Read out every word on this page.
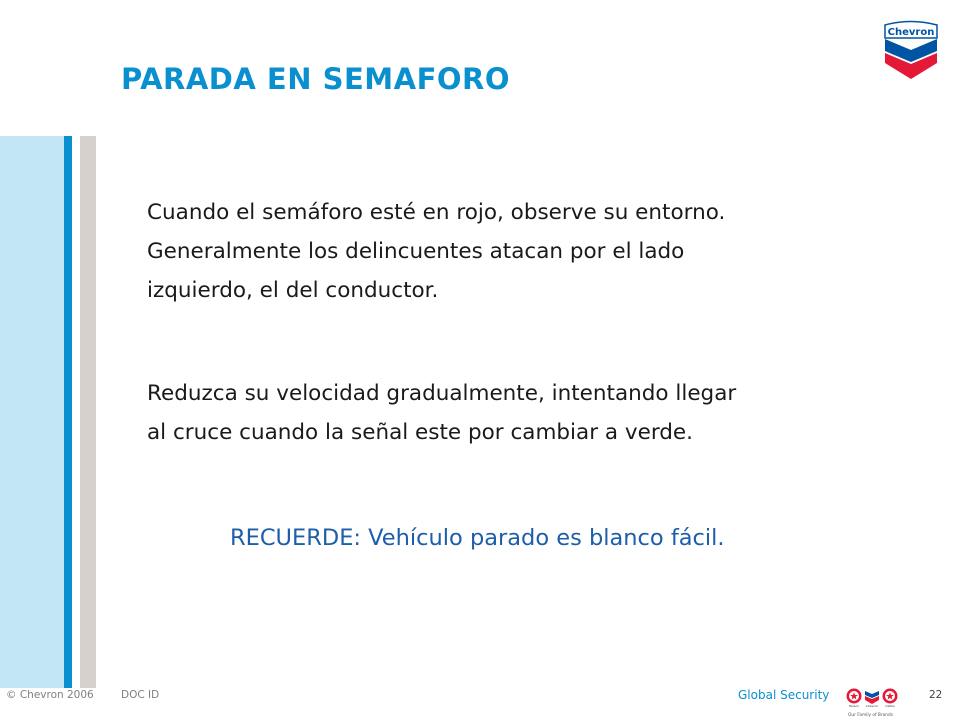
PARADA EN SEMAFORO
Chevron
Cuando el semáforo esté en rojo, observe su entorno.
Generalmente los delincuentes atacan por el lado
izquierdo, el del conductor.
Reduzca su velocidad gradualmente, intentando llegar
al cruce cuando la señal este por cambiar a verde.
RECUERDE: Vehículo parado es blanco fácil.
© Chevron 2006	DOC ID	Global Security
Texaco Chevron Caltex
Our Family of Brands
22
